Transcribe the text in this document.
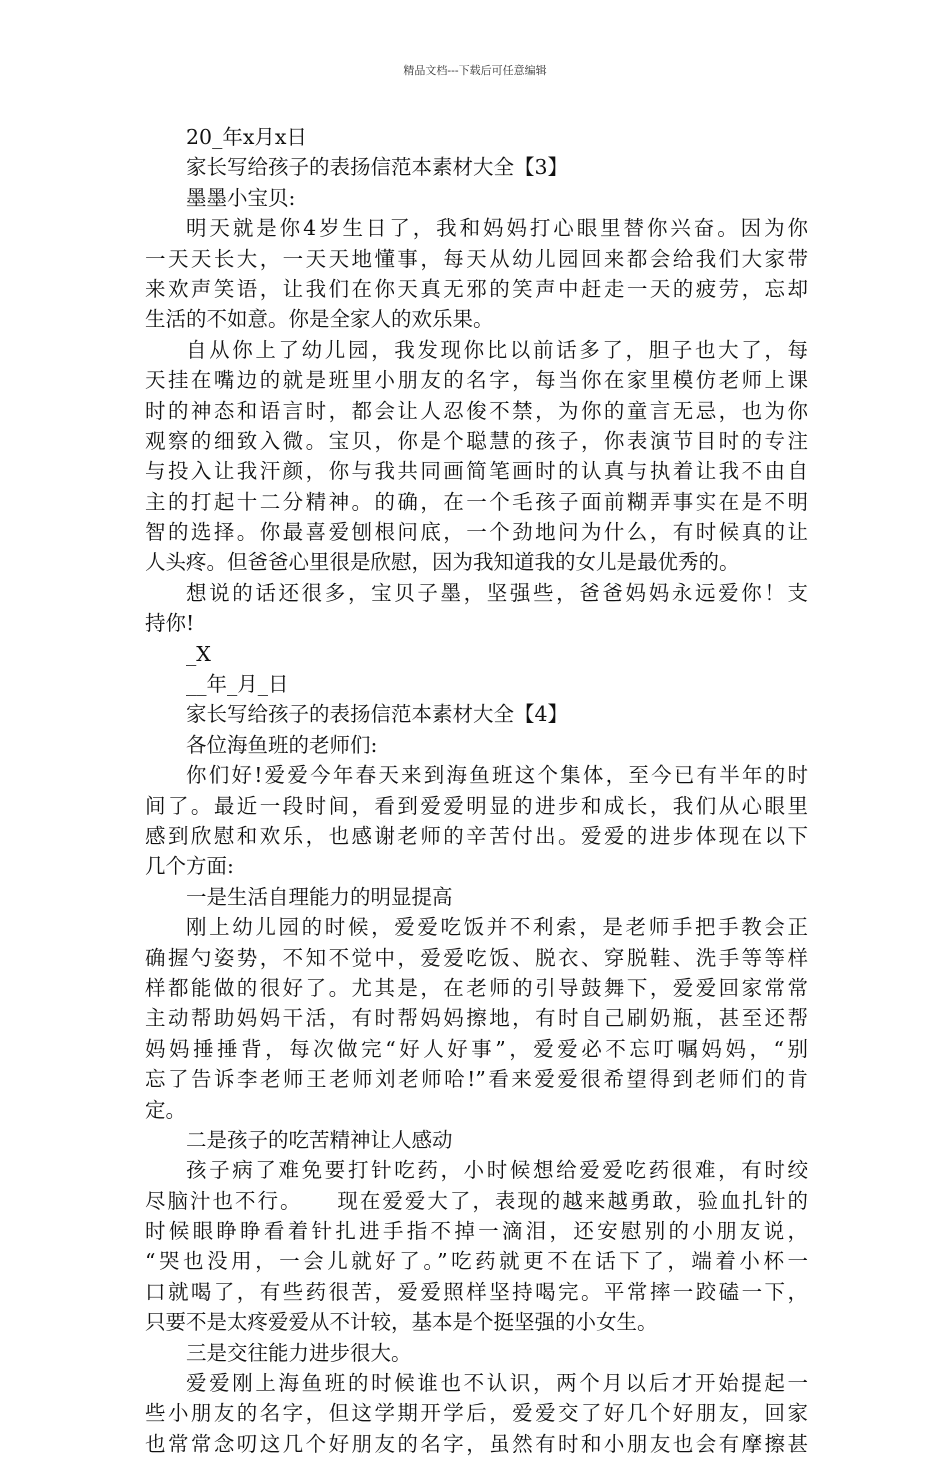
精品文档---下载后可任意编辑
20_年x月x日
家长写给孩子的表扬信范本素材大全【3】
墨墨小宝贝:
明天就是你4岁生日了，我和妈妈打心眼里替你兴奋。因为你
一天天长大，一天天地懂事，每天从幼儿园回来都会给我们大家带
来欢声笑语，让我们在你天真无邪的笑声中赶走一天的疲劳，忘却
生活的不如意。你是全家人的欢乐果。
自从你上了幼儿园，我发现你比以前话多了，胆子也大了，每
天挂在嘴边的就是班里小朋友的名字，每当你在家里模仿老师上课
时的神态和语言时，都会让人忍俊不禁，为你的童言无忌，也为你
观察的细致入微。宝贝，你是个聪慧的孩子，你表演节目时的专注
与投入让我汗颜，你与我共同画简笔画时的认真与执着让我不由自
主的打起十二分精神。的确，在一个毛孩子面前糊弄事实在是不明
智的选择。你最喜爱刨根问底，一个劲地问为什么，有时候真的让
人头疼。但爸爸心里很是欣慰，因为我知道我的女儿是最优秀的。
想说的话还很多，宝贝子墨，坚强些，爸爸妈妈永远爱你！支
持你!
_X
__年_月_日
家长写给孩子的表扬信范本素材大全【4】
各位海鱼班的老师们:
你们好!爱爱今年春天来到海鱼班这个集体，至今已有半年的时
间了。最近一段时间，看到爱爱明显的进步和成长，我们从心眼里
感到欣慰和欢乐，也感谢老师的辛苦付出。爱爱的进步体现在以下
几个方面:
一是生活自理能力的明显提高
刚上幼儿园的时候，爱爱吃饭并不利索，是老师手把手教会正
确握勺姿势，不知不觉中，爱爱吃饭、脱衣、穿脱鞋、洗手等等样
样都能做的很好了。尤其是，在老师的引导鼓舞下，爱爱回家常常
主动帮助妈妈干活，有时帮妈妈擦地，有时自己刷奶瓶，甚至还帮
妈妈捶捶背，每次做完“好人好事”，爱爱必不忘叮嘱妈妈，“别
忘了告诉李老师王老师刘老师哈!”看来爱爱很希望得到老师们的肯
定。
二是孩子的吃苦精神让人感动
孩子病了难免要打针吃药，小时候想给爱爱吃药很难，有时绞
尽脑汁也不行。　　现在爱爱大了，表现的越来越勇敢，验血扎针的
时候眼睁睁看着针扎进手指不掉一滴泪，还安慰别的小朋友说，
“哭也没用，一会儿就好了。”吃药就更不在话下了，端着小杯一
口就喝了，有些药很苦，爱爱照样坚持喝完。平常摔一跤磕一下，
只要不是太疼爱爱从不计较，基本是个挺坚强的小女生。
三是交往能力进步很大。
爱爱刚上海鱼班的时候谁也不认识，两个月以后才开始提起一
些小朋友的名字，但这学期开学后，爱爱交了好几个好朋友，回家
也常常念叨这几个好朋友的名字，虽然有时和小朋友也会有摩擦甚
